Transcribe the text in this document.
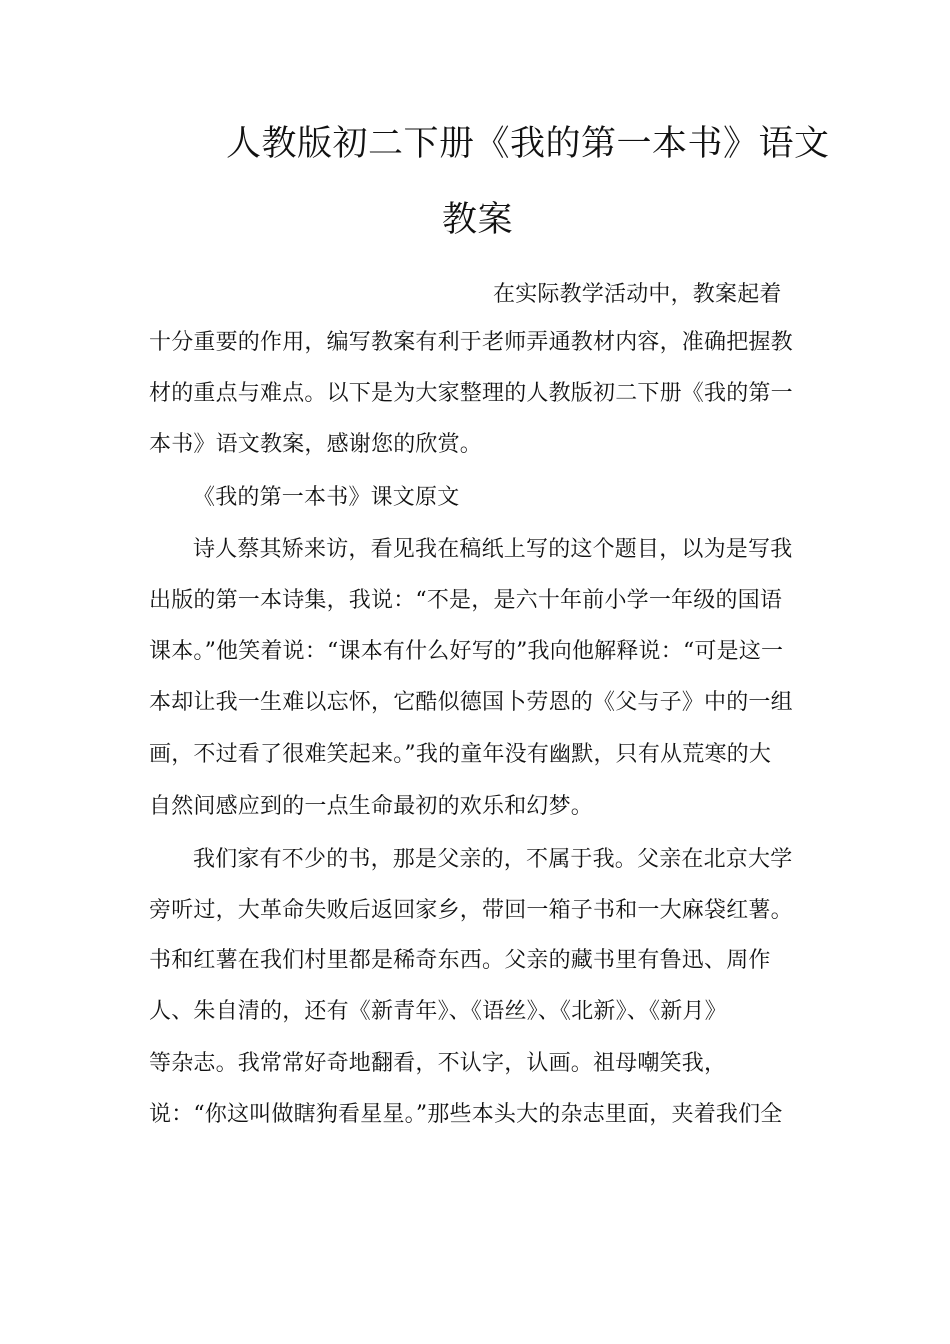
人教版初二下册《我的第一本书》语文
教案
在实际教学活动中，教案起着
十分重要的作用，编写教案有利于老师弄通教材内容，准确把握教
材的重点与难点。以下是为大家整理的人教版初二下册《我的第一
本书》语文教案，感谢您的欣赏。
《我的第一本书》课文原文
诗人蔡其矫来访，看见我在稿纸上写的这个题目，以为是写我
出版的第一本诗集，我说：“不是，是六十年前小学一年级的国语
课本。”他笑着说：“课本有什么好写的”我向他解释说：“可是这一
本却让我一生难以忘怀，它酷似德国卜劳恩的《父与子》中的一组
画，不过看了很难笑起来。”我的童年没有幽默，只有从荒寒的大
自然间感应到的一点生命最初的欢乐和幻梦。
我们家有不少的书，那是父亲的，不属于我。父亲在北京大学
旁听过，大革命失败后返回家乡，带回一箱子书和一大麻袋红薯。
书和红薯在我们村里都是稀奇东西。父亲的藏书里有鲁迅、周作
人、朱自清的，还有《新青年》、《语丝》、《北新》、《新月》
等杂志。我常常好奇地翻看，不认字，认画。祖母嘲笑我，
说：“你这叫做瞎狗看星星。”那些本头大的杂志里面，夹着我们全
